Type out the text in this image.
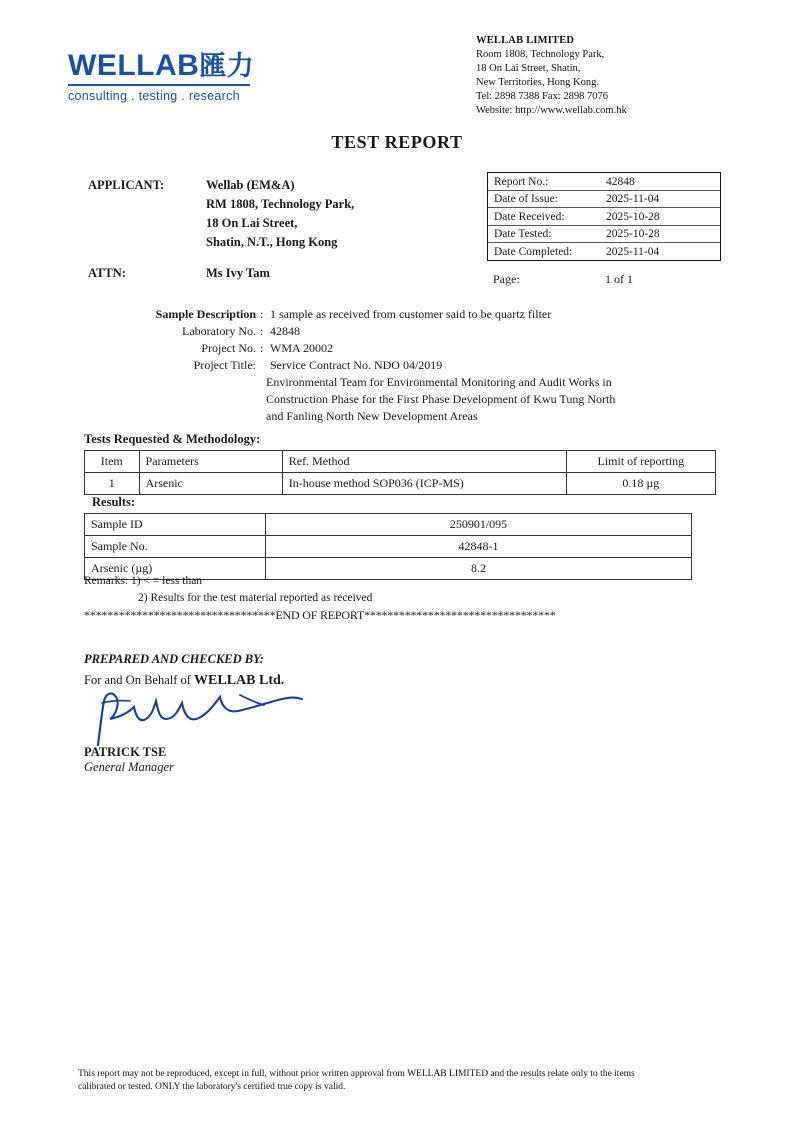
WELLAB匯力
consulting . testing . research
WELLAB LIMITED
Room 1808, Technology Park,
18 On Lai Street, Shatin,
New Territories, Hong Kong.
Tel: 2898 7388 Fax: 2898 7076
Website: http://www.wellab.com.hk
TEST REPORT
APPLICANT:	Wellab (EM&A)
RM 1808, Technology Park,
18 On Lai Street,
Shatin, N.T., Hong Kong
ATTN:	Ms Ivy Tam
Report No.:	42848
Date of Issue:	2025-11-04
Date Received:	2025-10-28
Date Tested:	2025-10-28
Date Completed:	2025-11-04
Page:	1 of 1
Sample Description : 1 sample as received from customer said to be quartz filter
Laboratory No. : 42848
Project No. : WMA 20002
Project Title:	Service Contract No. NDO 04/2019
Environmental Team for Environmental Monitoring and Audit Works in
Construction Phase for the First Phase Development of Kwu Tung North
and Fanling North New Development Areas
Tests Requested & Methodology:
Item	Parameters	Ref. Method	Limit of reporting
1	Arsenic	In-house method SOP036 (ICP-MS)	0.18 µg
Results:
Sample ID	250901/095
Sample No.	42848-1
Arsenic (µg)	8.2
Remarks: 1) < = less than
2) Results for the test material reported as received
*********************************END OF REPORT*********************************
PREPARED AND CHECKED BY:
For and On Behalf of WELLAB Ltd.
PATRICK TSE
General Manager
This report may not be reproduced, except in full, without prior written approval from WELLAB LIMITED and the results relate only to the items
calibrated or tested. ONLY the laboratory's certified true copy is valid.
